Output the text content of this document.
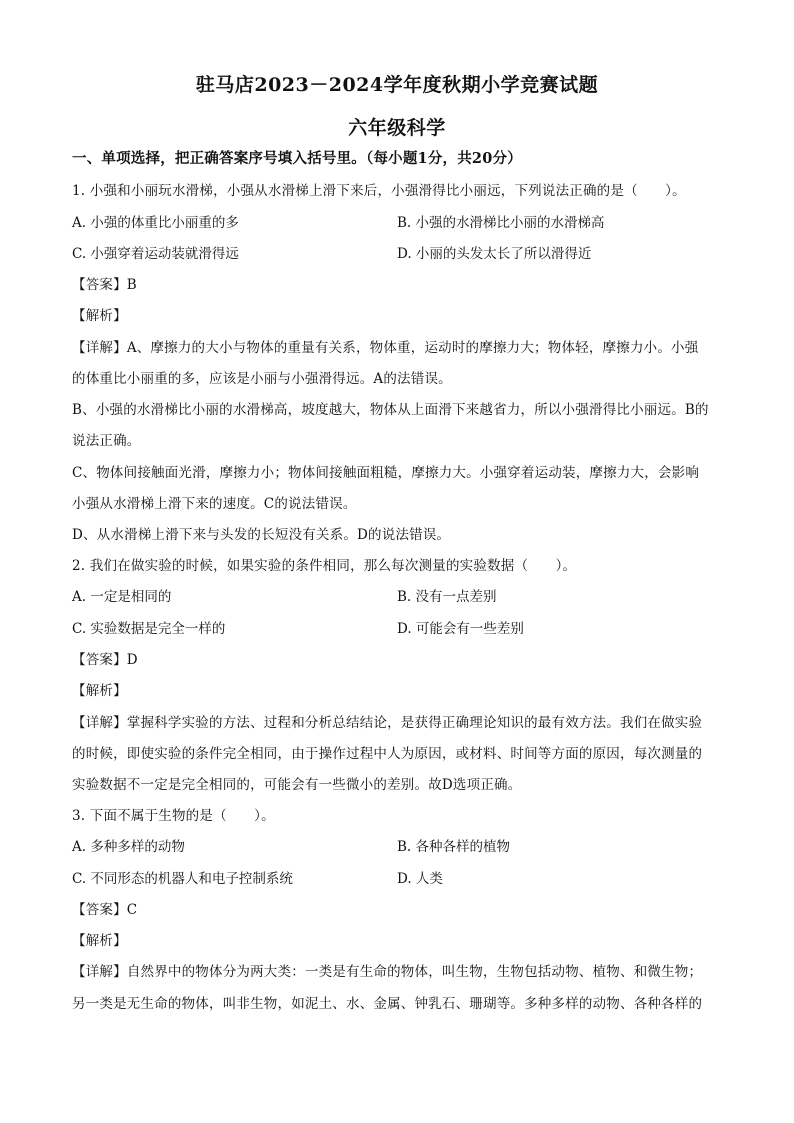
驻马店2023－2024学年度秋期小学竞赛试题
六年级科学
一、单项选择，把正确答案序号填入括号里。（每小题1分，共20分）
1. 小强和小丽玩水滑梯，小强从水滑梯上滑下来后，小强滑得比小丽远，下列说法正确的是（　　）。
A. 小强的体重比小丽重的多	B. 小强的水滑梯比小丽的水滑梯高
C. 小强穿着运动装就滑得远	D. 小丽的头发太长了所以滑得近
【答案】B
【解析】
【详解】A、摩擦力的大小与物体的重量有关系，物体重，运动时的摩擦力大；物体轻，摩擦力小。小强
的体重比小丽重的多，应该是小丽与小强滑得远。A的法错误。
B、小强的水滑梯比小丽的水滑梯高，坡度越大，物体从上面滑下来越省力，所以小强滑得比小丽远。B的
说法正确。
C、物体间接触面光滑，摩擦力小；物体间接触面粗糙，摩擦力大。小强穿着运动装，摩擦力大，会影响
小强从水滑梯上滑下来的速度。C的说法错误。
D、从水滑梯上滑下来与头发的长短没有关系。D的说法错误。
2. 我们在做实验的时候，如果实验的条件相同，那么每次测量的实验数据（　　）。
A. 一定是相同的	B. 没有一点差别
C. 实验数据是完全一样的	D. 可能会有一些差别
【答案】D
【解析】
【详解】掌握科学实验的方法、过程和分析总结结论，是获得正确理论知识的最有效方法。我们在做实验
的时候，即使实验的条件完全相同，由于操作过程中人为原因，或材料、时间等方面的原因，每次测量的
实验数据不一定是完全相同的，可能会有一些微小的差别。故D选项正确。
3. 下面不属于生物的是（　　）。
A. 多种多样的动物	B. 各种各样的植物
C. 不同形态的机器人和电子控制系统	D. 人类
【答案】C
【解析】
【详解】自然界中的物体分为两大类：一类是有生命的物体，叫生物，生物包括动物、植物、和微生物；
另一类是无生命的物体，叫非生物，如泥土、水、金属、钟乳石、珊瑚等。多种多样的动物、各种各样的
